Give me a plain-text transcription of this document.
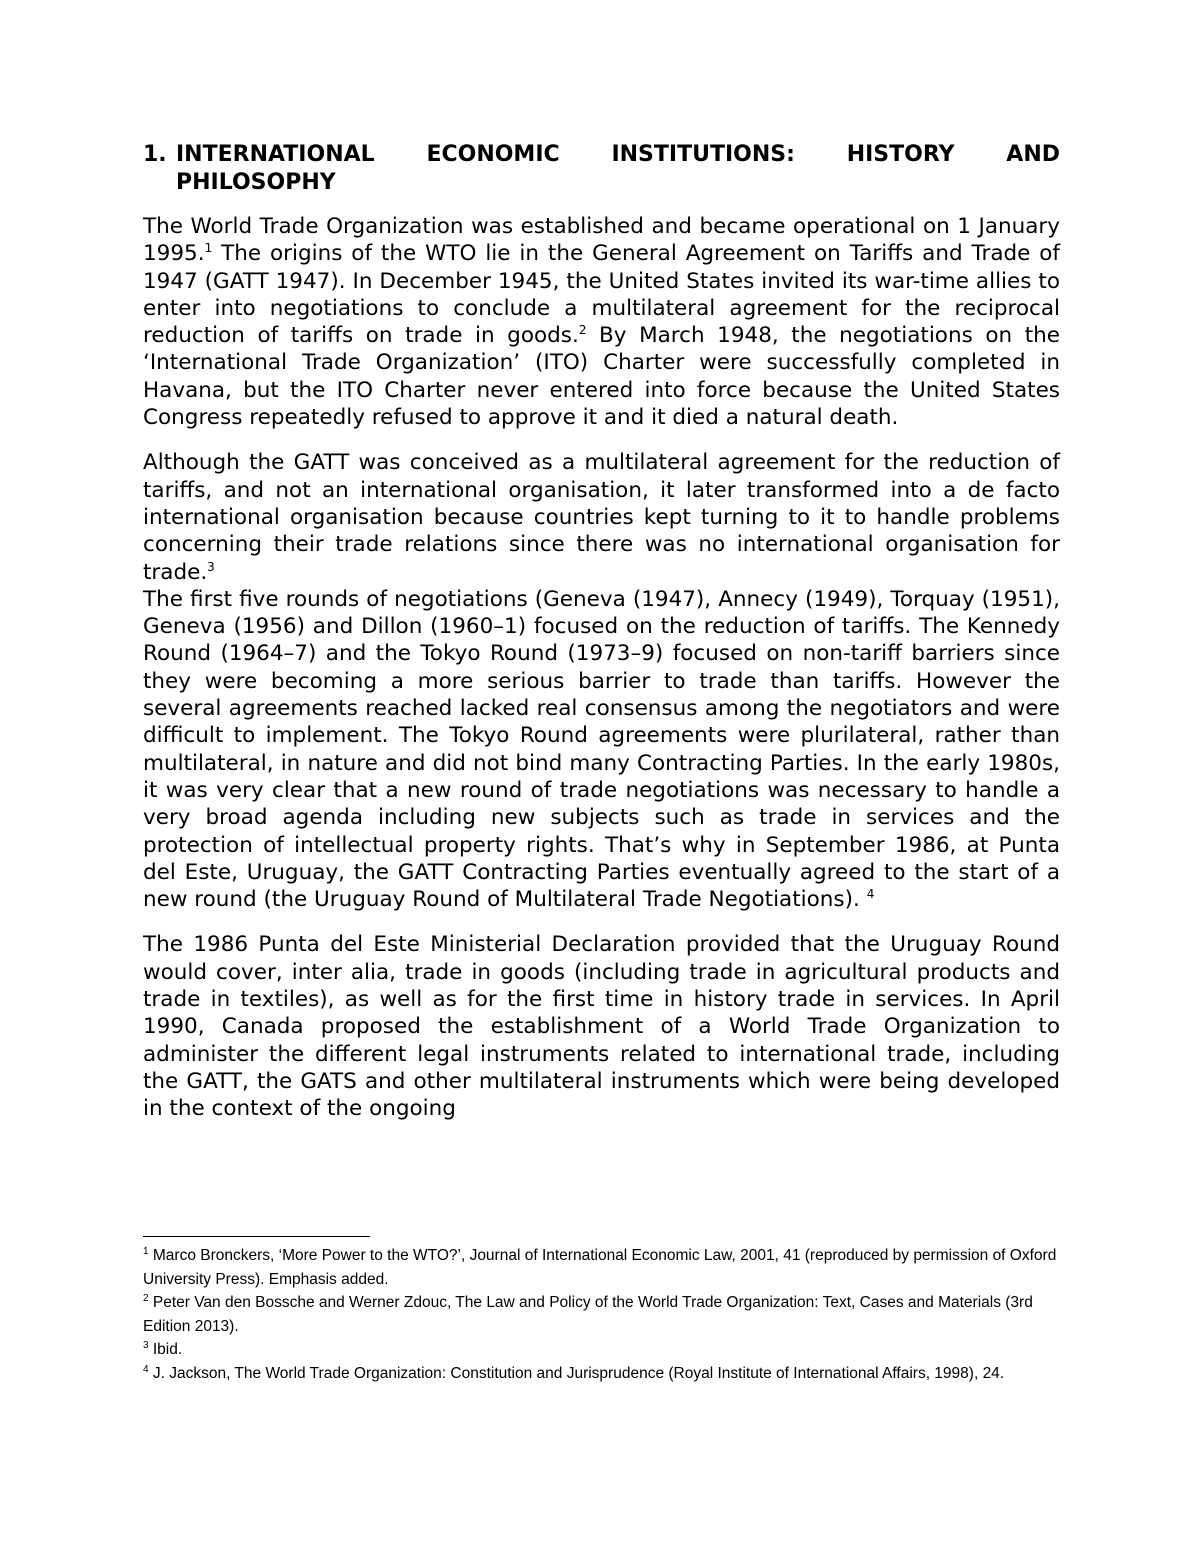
1. INTERNATIONAL ECONOMIC INSTITUTIONS: HISTORY AND
PHILOSOPHY

The World Trade Organization was established and became operational on 1 January 1995.$^1$ The origins of the WTO lie in the General Agreement on Tariffs and Trade of 1947 (GATT 1947). In December 1945, the United States invited its war-time allies to enter into negotiations to conclude a multilateral agreement for the reciprocal reduction of tariffs on trade in goods.$^2$ By March 1948, the negotiations on the ‘International Trade Organization’ (ITO) Charter were successfully completed in Havana, but the ITO Charter never entered into force because the United States Congress repeatedly refused to approve it and it died a natural death.

Although the GATT was conceived as a multilateral agreement for the reduction of tariffs, and not an international organisation, it later transformed into a de facto international organisation because countries kept turning to it to handle problems concerning their trade relations since there was no international organisation for trade.$^3$

The first five rounds of negotiations (Geneva (1947), Annecy (1949), Torquay (1951), Geneva (1956) and Dillon (1960–1) focused on the reduction of tariffs. The Kennedy Round (1964–7) and the Tokyo Round (1973–9) focused on non-tariff barriers since they were becoming a more serious barrier to trade than tariffs. However the several agreements reached lacked real consensus among the negotiators and were difficult to implement. The Tokyo Round agreements were plurilateral, rather than multilateral, in nature and did not bind many Contracting Parties. In the early 1980s, it was very clear that a new round of trade negotiations was necessary to handle a very broad agenda including new subjects such as trade in services and the protection of intellectual property rights. That’s why in September 1986, at Punta del Este, Uruguay, the GATT Contracting Parties eventually agreed to the start of a new round (the Uruguay Round of Multilateral Trade Negotiations). $^4$

The 1986 Punta del Este Ministerial Declaration provided that the Uruguay Round would cover, inter alia, trade in goods (including trade in agricultural products and trade in textiles), as well as for the first time in history trade in services. In April 1990, Canada proposed the establishment of a World Trade Organization to administer the different legal instruments related to international trade, including the GATT, the GATS and other multilateral instruments which were being developed in the context of the ongoing

$^1$ Marco Bronckers, ‘More Power to the WTO?’, Journal of International Economic Law, 2001, 41 (reproduced by permission of Oxford University Press). Emphasis added.

$^2$ Peter Van den Bossche and Werner Zdouc, The Law and Policy of the World Trade Organization: Text, Cases and Materials (3rd Edition 2013).

$^3$ Ibid.

$^4$ J. Jackson, The World Trade Organization: Constitution and Jurisprudence (Royal Institute of International Affairs, 1998), 24.
